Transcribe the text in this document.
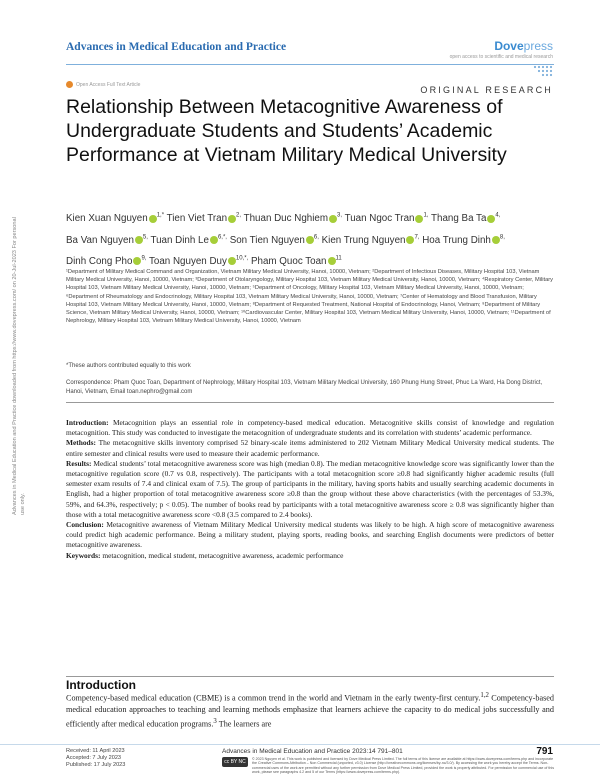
Advances in Medical Education and Practice	Dovepress
open access to scientific and medical research
Open Access Full Text Article
ORIGINAL RESEARCH
Relationship Between Metacognitive Awareness of Undergraduate Students and Students’ Academic Performance at Vietnam Military Medical University
Kien Xuan Nguyen $^{1,*}$ Tien Viet Tran $^{2,}$ Thuan Duc Nghiem $^{3,}$ Tuan Ngoc Tran $^{1,}$ Thang Ba Ta $^{4,}$ Ba Van Nguyen $^{5,}$ Tuan Dinh Le $^{6,*,}$ Son Tien Nguyen $^{6,}$ Kien Trung Nguyen $^{7,}$ Hoa Trung Dinh $^{8,}$ Dinh Cong Pho $^{9,}$ Toan Nguyen Duy $^{10,*,}$ Pham Quoc Toan $^{11}$
¹Department of Military Medical Command and Organization, Vietnam Military Medical University, Hanoi, 10000, Vietnam; ²Department of Infectious Diseases, Military Hospital 103, Vietnam Military Medical University, Hanoi, 10000, Vietnam; ³Department of Otolaryngology, Military Hospital 103, Vietnam Military Medical University, Hanoi, 10000, Vietnam; ⁴Respiratory Center, Military Hospital 103, Vietnam Military Medical University, Hanoi, 10000, Vietnam; ⁵Department of Oncology, Military Hospital 103, Vietnam Military Medical University, Hanoi, 10000, Vietnam; ⁶Department of Rheumatology and Endocrinology, Military Hospital 103, Vietnam Military Medical University, Hanoi, 10000, Vietnam; ⁷Center of Hematology and Blood Transfusion, Military Hospital 103, Vietnam Military Medical University, Hanoi, 10000, Vietnam; ⁸Department of Requested Treatment, National Hospital of Endocrinology, Hanoi, Vietnam; ⁹Department of Military Science, Vietnam Military Medical University, Hanoi, 10000, Vietnam; ¹⁰Cardiovascular Center, Military Hospital 103, Vietnam Medical Military University, Hanoi, 10000, Vietnam; ¹¹Department of Nephrology, Military Hospital 103, Vietnam Military Medical University, Hanoi, 10000, Vietnam
*These authors contributed equally to this work
Correspondence: Pham Quoc Toan, Department of Nephrology, Military Hospital 103, Vietnam Military Medical University, 160 Phung Hung Street, Phuc La Ward, Ha Dong District, Hanoi, Vietnam, Email toan.nephro@gmail.com

Introduction: Metacognition plays an essential role in competency-based medical education. Metacognitive skills consist of knowledge and regulation metacognition. This study was conducted to investigate the metacognition of undergraduate students and its correlation with students’ academic performance.

Methods: The metacognitive skills inventory comprised 52 binary-scale items administered to 202 Vietnam Military Medical University medical students. The entire semester and clinical results were used to measure their academic performance.

Results: Medical students’ total metacognitive awareness score was high (median 0.8). The median metacognitive knowledge score was significantly lower than the metacognitive regulation score (0.7 vs 0.8, respectively). The participants with a total metacognition score ≥0.8 had significantly higher academic results (full semester exam results of 7.4 and clinical exam of 7.5). The group of participants in the military, having sports habits and usually searching academic documents in English, had a higher proportion of total metacognitive awareness score ≥0.8 than the group without these above characteristics (with the percentages of 53.3%, 59%, and 64.3%, respectively; p < 0.05). The number of books read by participants with a total metacognitive awareness score ≥ 0.8 was significantly higher than those with a total metacognitive awareness score <0.8 (3.5 compared to 2.4 books).

Conclusion: Metacognitive awareness of Vietnam Military Medical University medical students was likely to be high. A high score of metacognitive awareness could predict high academic performance. Being a military student, playing sports, reading books, and searching English documents were predictors of better metacognitive awareness.

Keywords: metacognition, medical student, metacognitive awareness, academic performance

Introduction
Competency-based medical education (CBME) is a common trend in the world and Vietnam in the early twenty-first century.$^{1,2}$ Competency-based medical education approaches to teaching and learning methods emphasize that learners achieve the capacity to do medical jobs successfully and efficiently after medical education programs.$^3$ The learners are
Advances in Medical Education and Practice downloaded from https://www.dovepress.com/ on 20-Jul-2023 For personal use only.
Received: 11 April 2023
Accepted: 7 July 2023
Published: 17 July 2023
Advances in Medical Education and Practice 2023:14 791–801	791
cc BY NC	© 2023 Nguyen et al. This work is published and licensed by Dove Medical Press Limited. The full terms of this license are available at https://www.dovepress.com/terms.php and incorporate the Creative Commons Attribution – Non Commercial (unported, v3.0) License (http://creativecommons.org/licenses/by-nc/3.0/). By accessing the work you hereby accept the Terms. Non-commercial uses of the work are permitted without any further permission from Dove Medical Press Limited, provided the work is properly attributed. For permission for commercial use of this work, please see paragraphs 4.2 and 5 of our Terms (https://www.dovepress.com/terms.php).
